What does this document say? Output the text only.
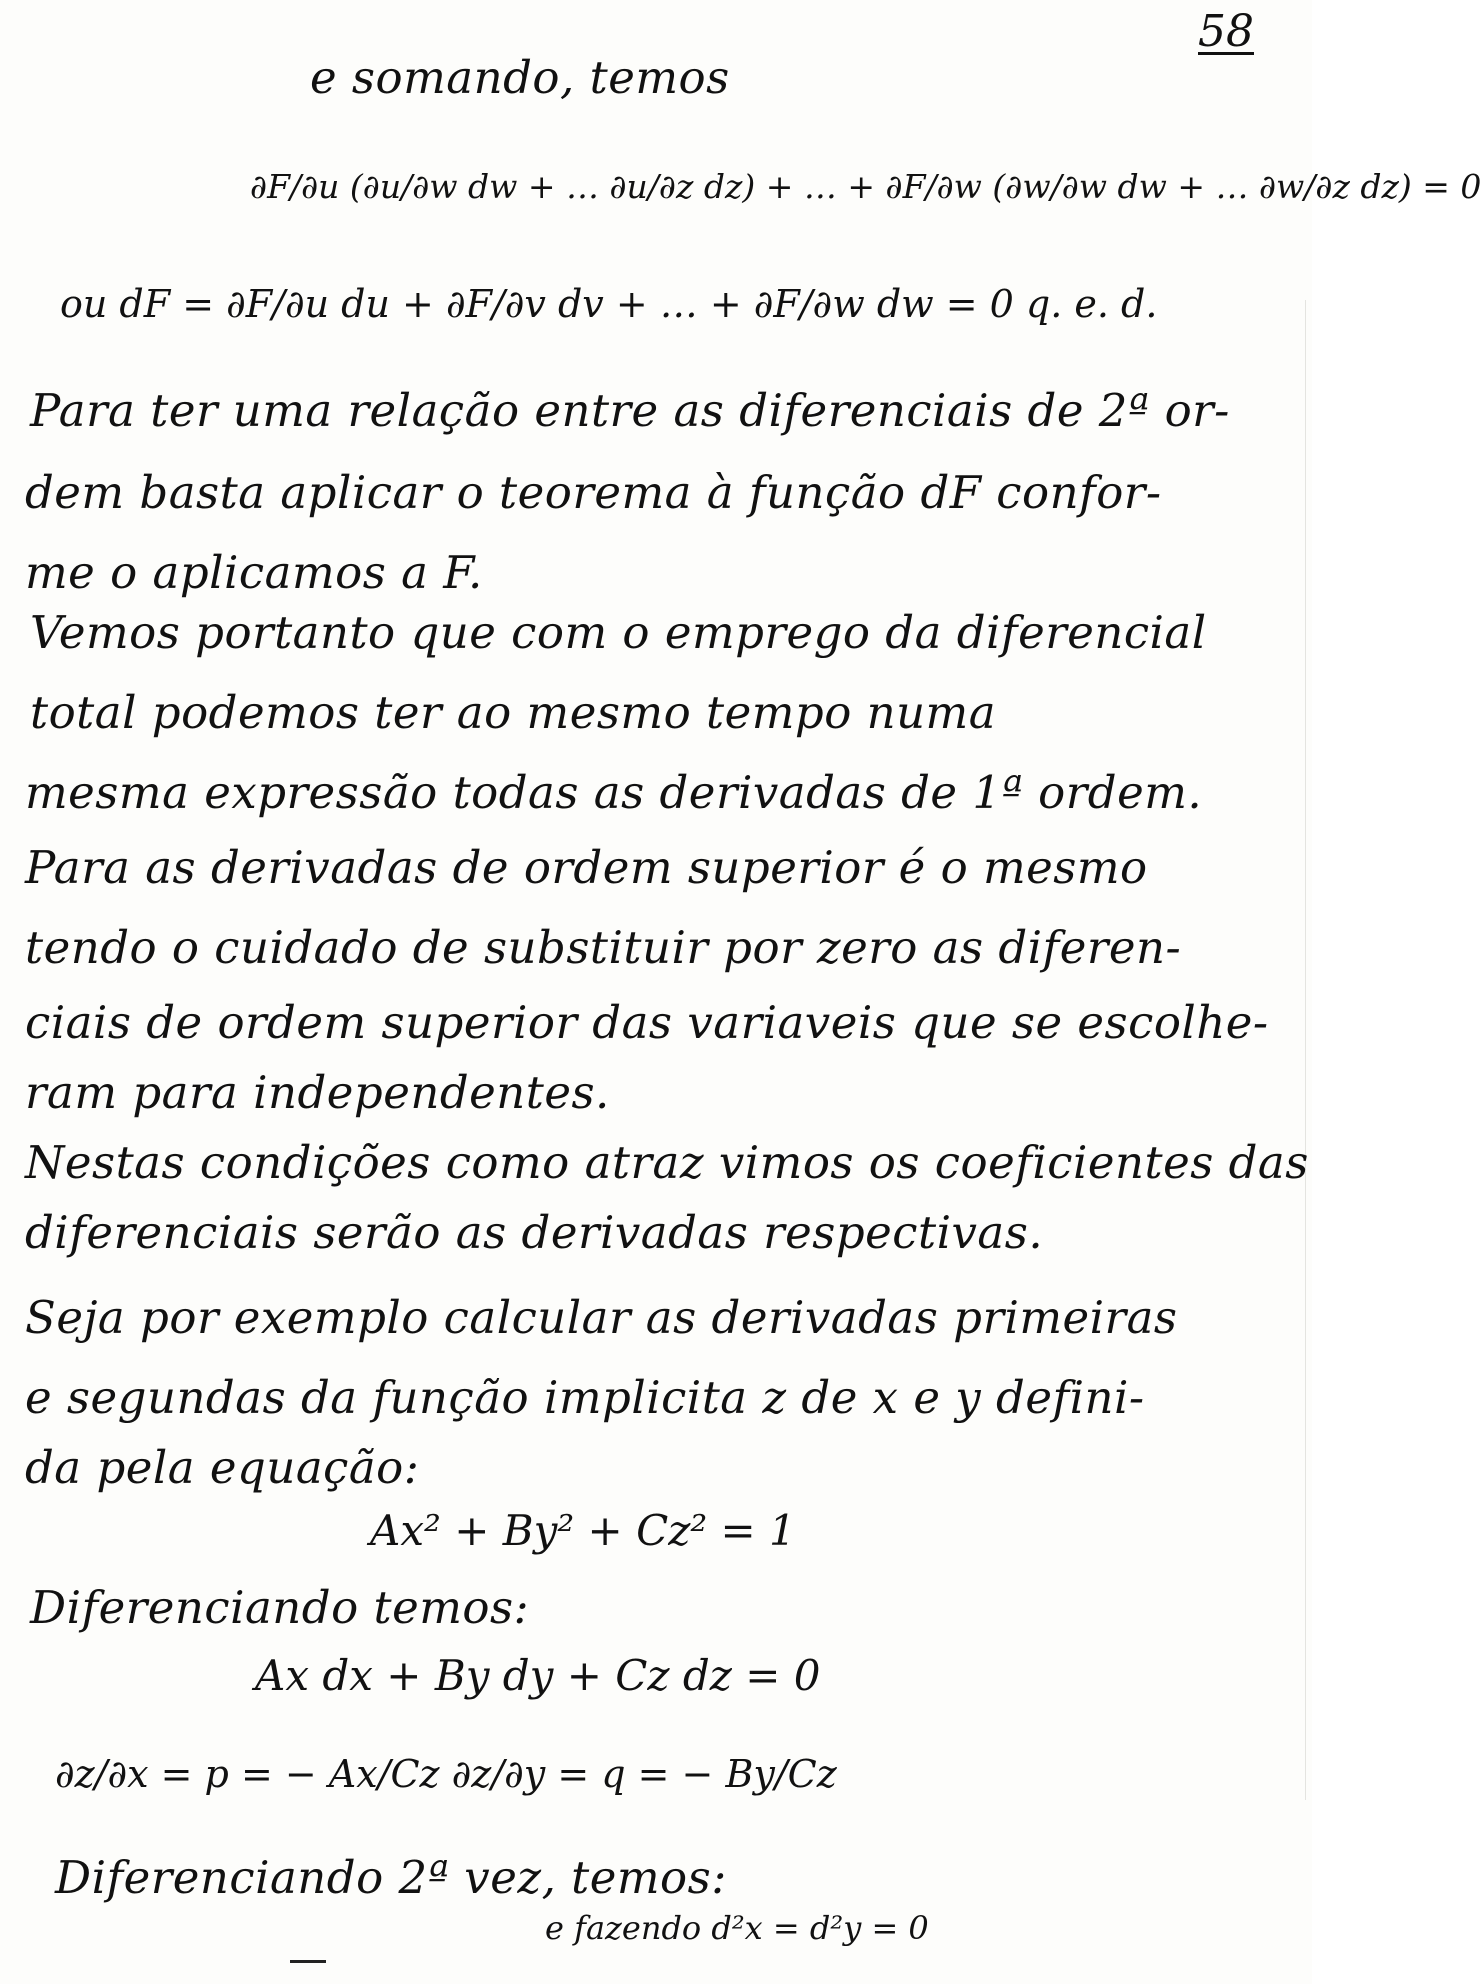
58
e somando, temos
∂F/∂u (∂u/∂w dw + … ∂u/∂z dz) + … + ∂F/∂w (∂w/∂w dw + … ∂w/∂z dz) = 0
ou dF = ∂F/∂u du + ∂F/∂v dv + … + ∂F/∂w dw = 0 q. e. d.
Para ter uma relação entre as diferenciais de 2ª or-
dem basta aplicar o teorema à função dF confor-
me o aplicamos a F.
Vemos portanto que com o emprego da diferencial
total podemos ter ao mesmo tempo numa
mesma expressão todas as derivadas de 1ª ordem.
Para as derivadas de ordem superior é o mesmo
tendo o cuidado de substituir por zero as diferen-
ciais de ordem superior das variaveis que se escolhe-
ram para independentes.
Nestas condições como atraz vimos os coeficientes das
diferenciais serão as derivadas respectivas.
Seja por exemplo calcular as derivadas primeiras
e segundas da função implicita z de x e y defini-
da pela equação:
Ax² + By² + Cz² = 1
Diferenciando temos:
Ax dx + By dy + Cz dz = 0
∂z/∂x = p = − Ax/Cz ∂z/∂y = q = − By/Cz
Diferenciando 2ª vez, temos:
e fazendo d²x = d²y = 0
